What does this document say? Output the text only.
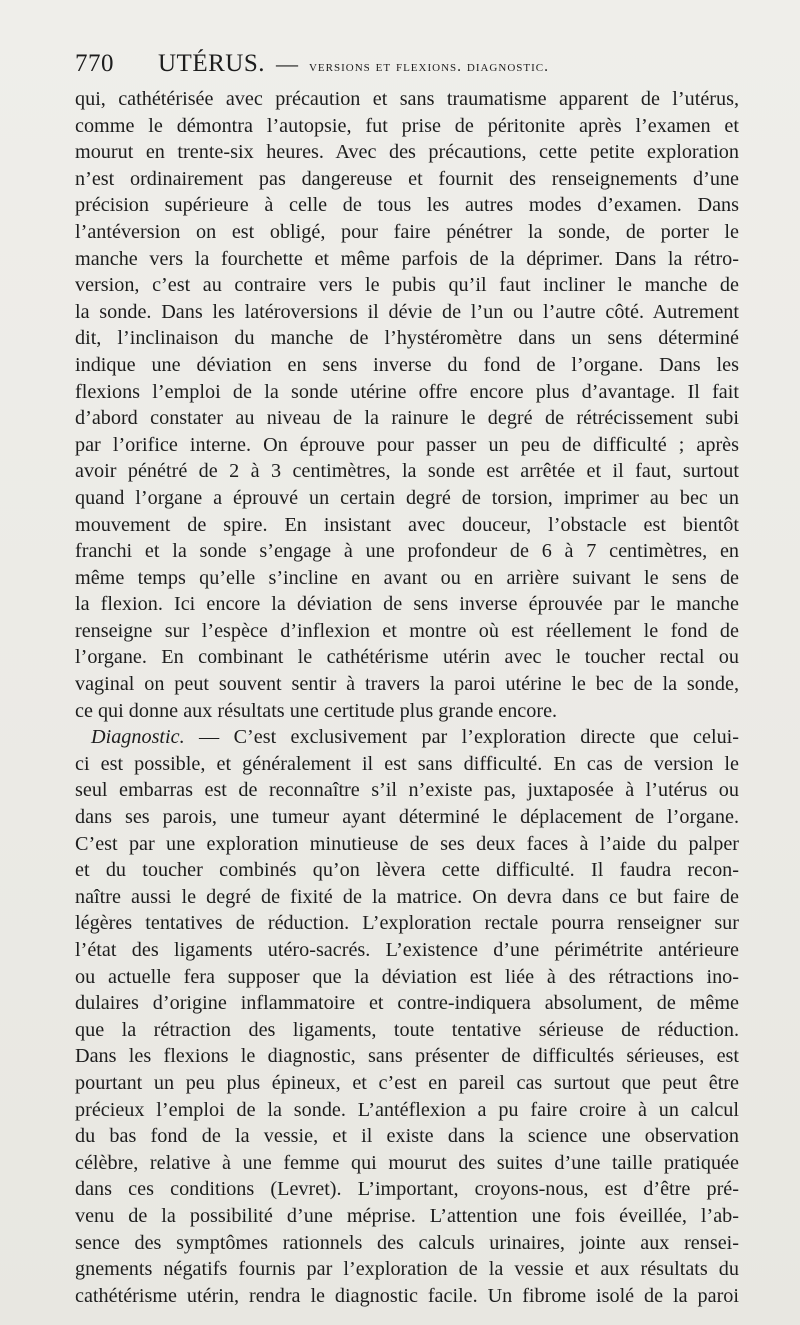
770 UTÉRUS. — versions et flexions. diagnostic.
qui, cathétérisée avec précaution et sans traumatisme apparent de l’utérus,
comme le démontra l’autopsie, fut prise de péritonite après l’examen et
mourut en trente-six heures. Avec des précautions, cette petite exploration
n’est ordinairement pas dangereuse et fournit des renseignements d’une
précision supérieure à celle de tous les autres modes d’examen. Dans
l’antéversion on est obligé, pour faire pénétrer la sonde, de porter le
manche vers la fourchette et même parfois de la déprimer. Dans la rétro-
version, c’est au contraire vers le pubis qu’il faut incliner le manche de
la sonde. Dans les latéroversions il dévie de l’un ou l’autre côté. Autrement
dit, l’inclinaison du manche de l’hystéromètre dans un sens déterminé
indique une déviation en sens inverse du fond de l’organe. Dans les
flexions l’emploi de la sonde utérine offre encore plus d’avantage. Il fait
d’abord constater au niveau de la rainure le degré de rétrécissement subi
par l’orifice interne. On éprouve pour passer un peu de difficulté ; après
avoir pénétré de 2 à 3 centimètres, la sonde est arrêtée et il faut, surtout
quand l’organe a éprouvé un certain degré de torsion, imprimer au bec un
mouvement de spire. En insistant avec douceur, l’obstacle est bientôt
franchi et la sonde s’engage à une profondeur de 6 à 7 centimètres, en
même temps qu’elle s’incline en avant ou en arrière suivant le sens de
la flexion. Ici encore la déviation de sens inverse éprouvée par le manche
renseigne sur l’espèce d’inflexion et montre où est réellement le fond de
l’organe. En combinant le cathétérisme utérin avec le toucher rectal ou
vaginal on peut souvent sentir à travers la paroi utérine le bec de la sonde,
ce qui donne aux résultats une certitude plus grande encore.
Diagnostic. — C’est exclusivement par l’exploration directe que celui-
ci est possible, et généralement il est sans difficulté. En cas de version le
seul embarras est de reconnaître s’il n’existe pas, juxtaposée à l’utérus ou
dans ses parois, une tumeur ayant déterminé le déplacement de l’organe.
C’est par une exploration minutieuse de ses deux faces à l’aide du palper
et du toucher combinés qu’on lèvera cette difficulté. Il faudra recon-
naître aussi le degré de fixité de la matrice. On devra dans ce but faire de
légères tentatives de réduction. L’exploration rectale pourra renseigner sur
l’état des ligaments utéro-sacrés. L’existence d’une périmétrite antérieure
ou actuelle fera supposer que la déviation est liée à des rétractions ino-
dulaires d’origine inflammatoire et contre-indiquera absolument, de même
que la rétraction des ligaments, toute tentative sérieuse de réduction.
Dans les flexions le diagnostic, sans présenter de difficultés sérieuses, est
pourtant un peu plus épineux, et c’est en pareil cas surtout que peut être
précieux l’emploi de la sonde. L’antéflexion a pu faire croire à un calcul
du bas fond de la vessie, et il existe dans la science une observation
célèbre, relative à une femme qui mourut des suites d’une taille pratiquée
dans ces conditions (Levret). L’important, croyons-nous, est d’être pré-
venu de la possibilité d’une méprise. L’attention une fois éveillée, l’ab-
sence des symptômes rationnels des calculs urinaires, jointe aux rensei-
gnements négatifs fournis par l’exploration de la vessie et aux résultats du
cathétérisme utérin, rendra le diagnostic facile. Un fibrome isolé de la paroi
